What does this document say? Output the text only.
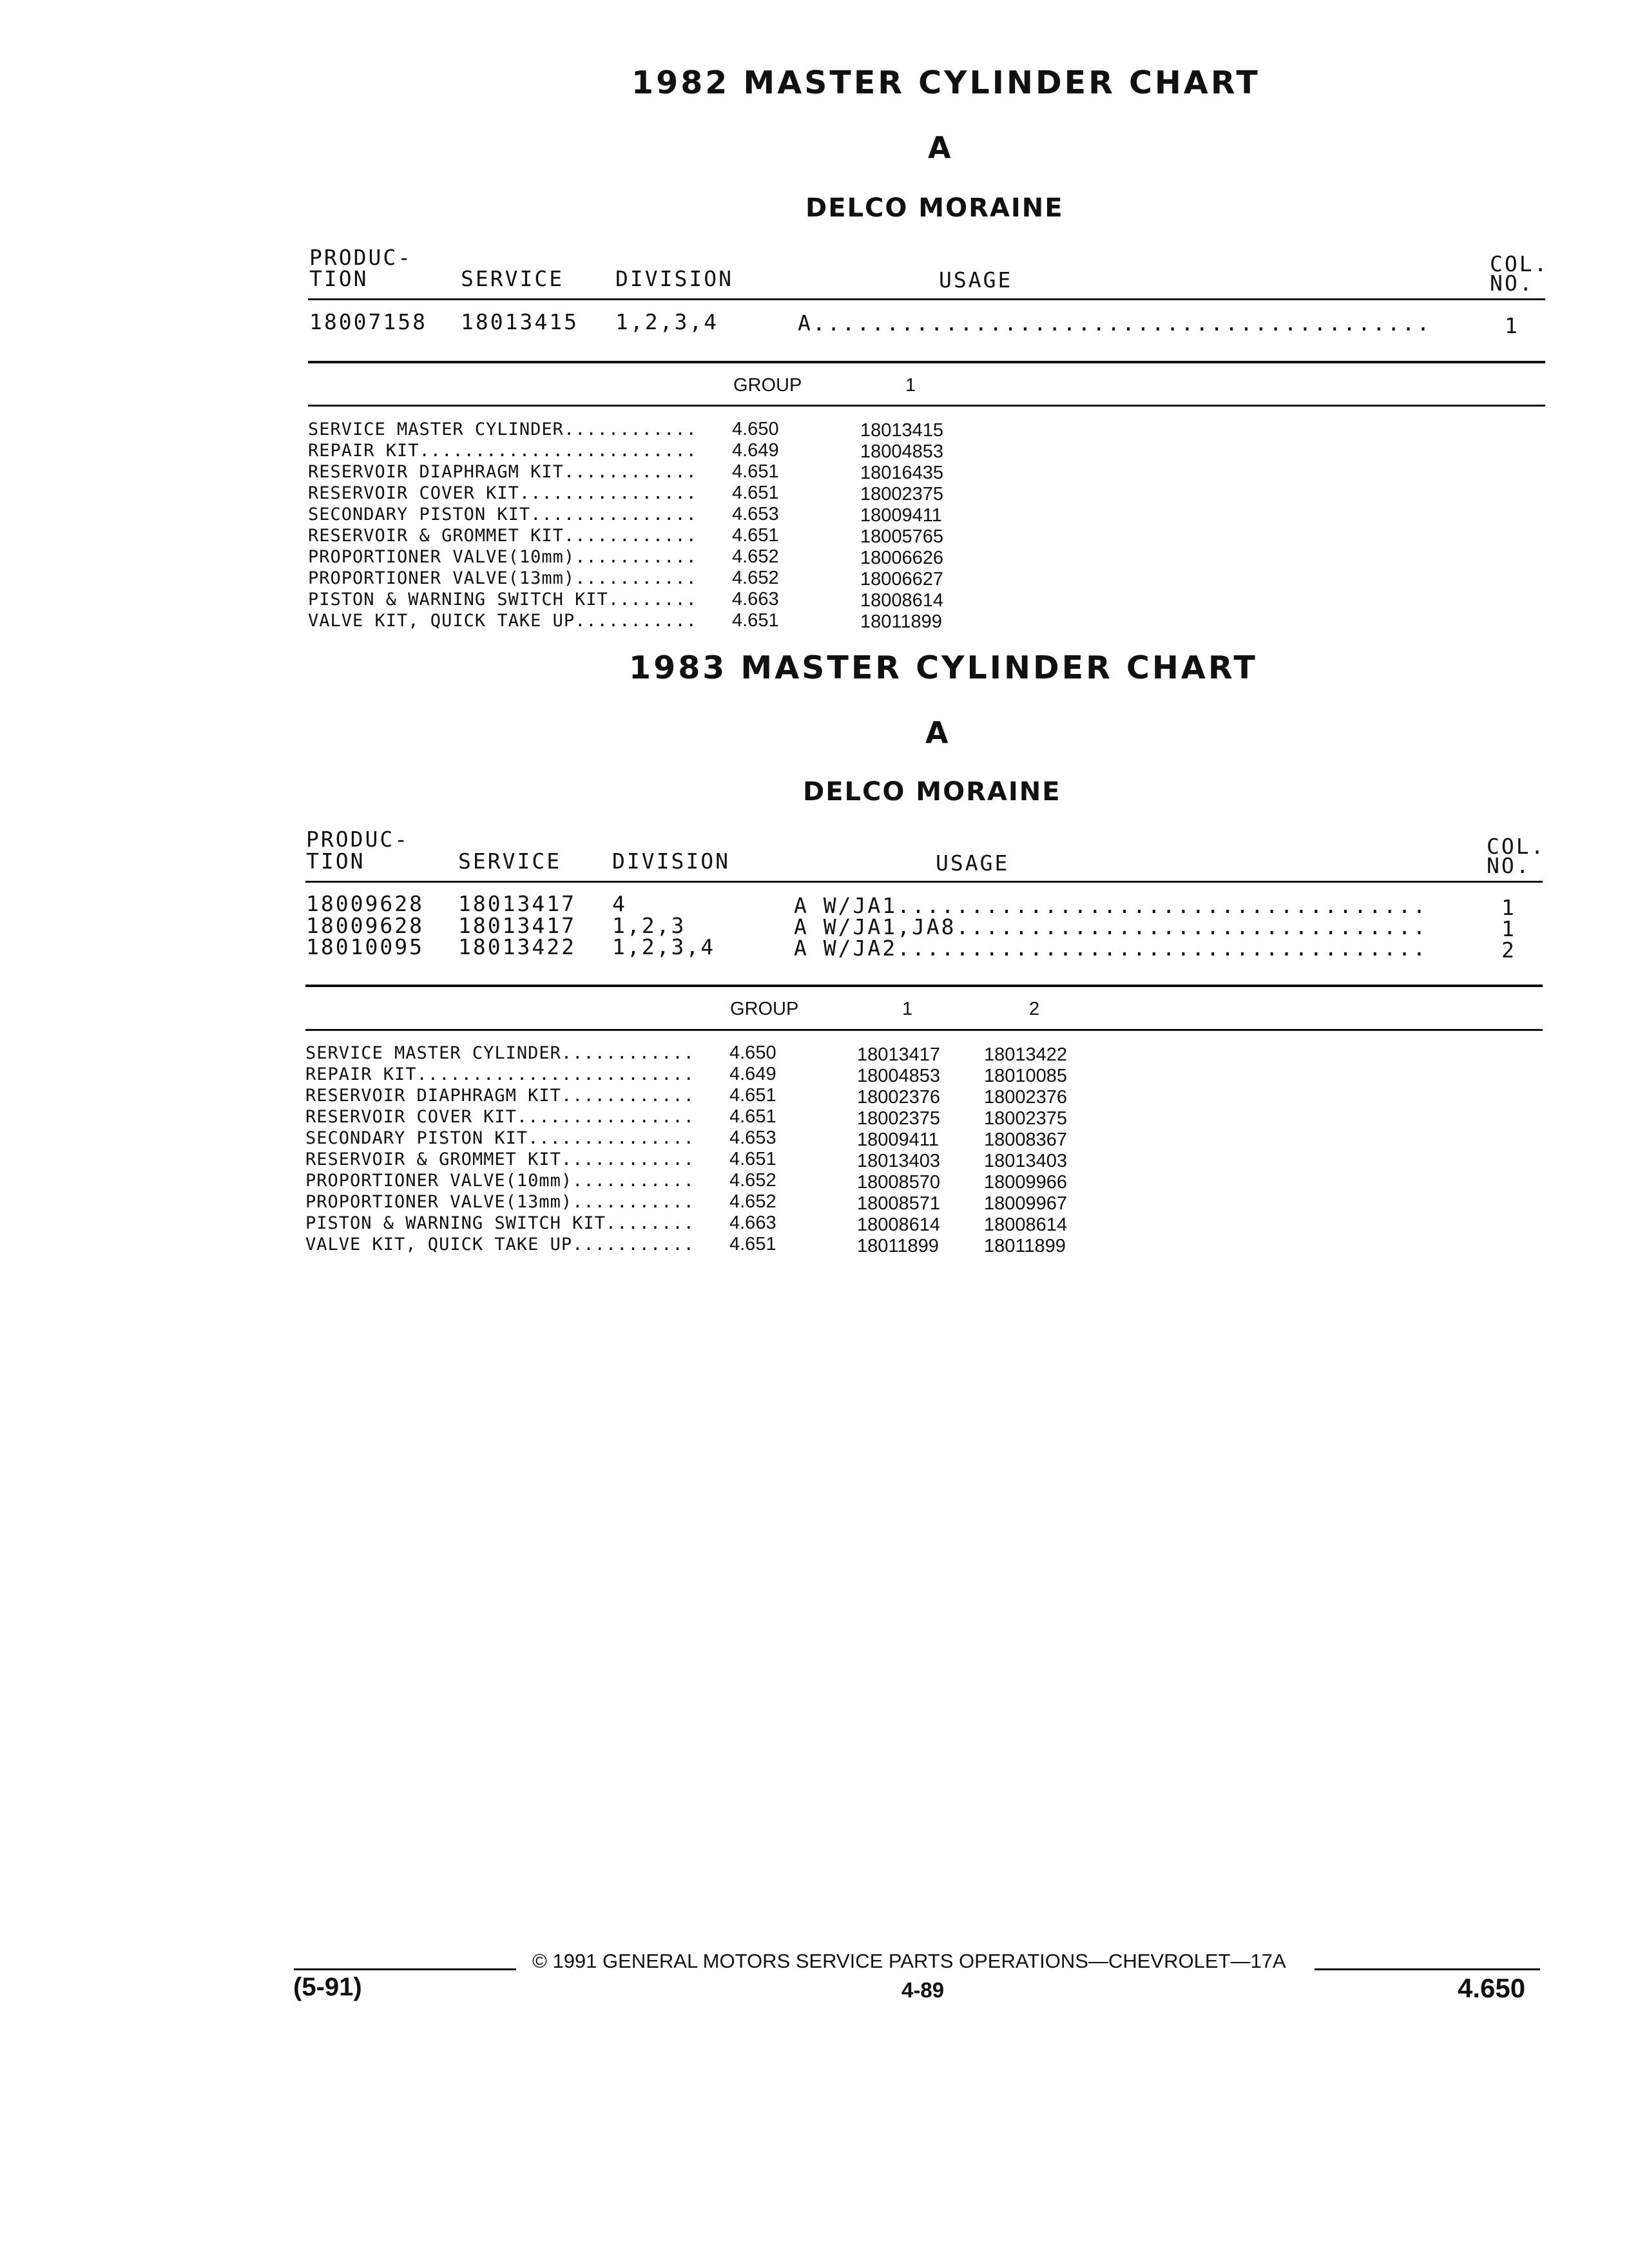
1982 MASTER CYLINDER CHART
A
DELCO MORAINE
PRODUC-
TION	SERVICE DIVISION	USAGE
COL.
NO.
18007158 18013415 1,2,3,4	A..........................................	1
GROUP	1
SERVICE MASTER CYLINDER............ 4.650	18013415
REPAIR KIT......................... 4.649	18004853
RESERVOIR DIAPHRAGM KIT............ 4.651	18016435
RESERVOIR COVER KIT................ 4.651	18002375
SECONDARY PISTON KIT............... 4.653	18009411
RESERVOIR & GROMMET KIT............ 4.651	18005765
PROPORTIONER VALVE(10mm)........... 4.652	18006626
PROPORTIONER VALVE(13mm)........... 4.652	18006627
PISTON & WARNING SWITCH KIT........ 4.663	18008614
VALVE KIT, QUICK TAKE UP........... 4.651	18011899
1983 MASTER CYLINDER CHART
A
DELCO MORAINE
PRODUC-
TION	SERVICE DIVISION	USAGE
COL.
NO.
18009628 18013417 4	A W/JA1....................................	1
18009628 18013417 1,2,3	A W/JA1,JA8................................	1
18010095 18013422 1,2,3,4	A W/JA2....................................	2
GROUP	1	2
SERVICE MASTER CYLINDER............ 4.650	18013417 18013422
REPAIR KIT......................... 4.649	18004853 18010085
RESERVOIR DIAPHRAGM KIT............ 4.651	18002376 18002376
RESERVOIR COVER KIT................ 4.651	18002375 18002375
SECONDARY PISTON KIT............... 4.653	18009411 18008367
RESERVOIR & GROMMET KIT............ 4.651	18013403 18013403
PROPORTIONER VALVE(10mm)........... 4.652	18008570 18009966
PROPORTIONER VALVE(13mm)........... 4.652	18008571 18009967
PISTON & WARNING SWITCH KIT........ 4.663	18008614 18008614
VALVE KIT, QUICK TAKE UP........... 4.651	18011899 18011899
© 1991 GENERAL MOTORS SERVICE PARTS OPERATIONS—CHEVROLET—17A
(5-91)	4-89	4.650
